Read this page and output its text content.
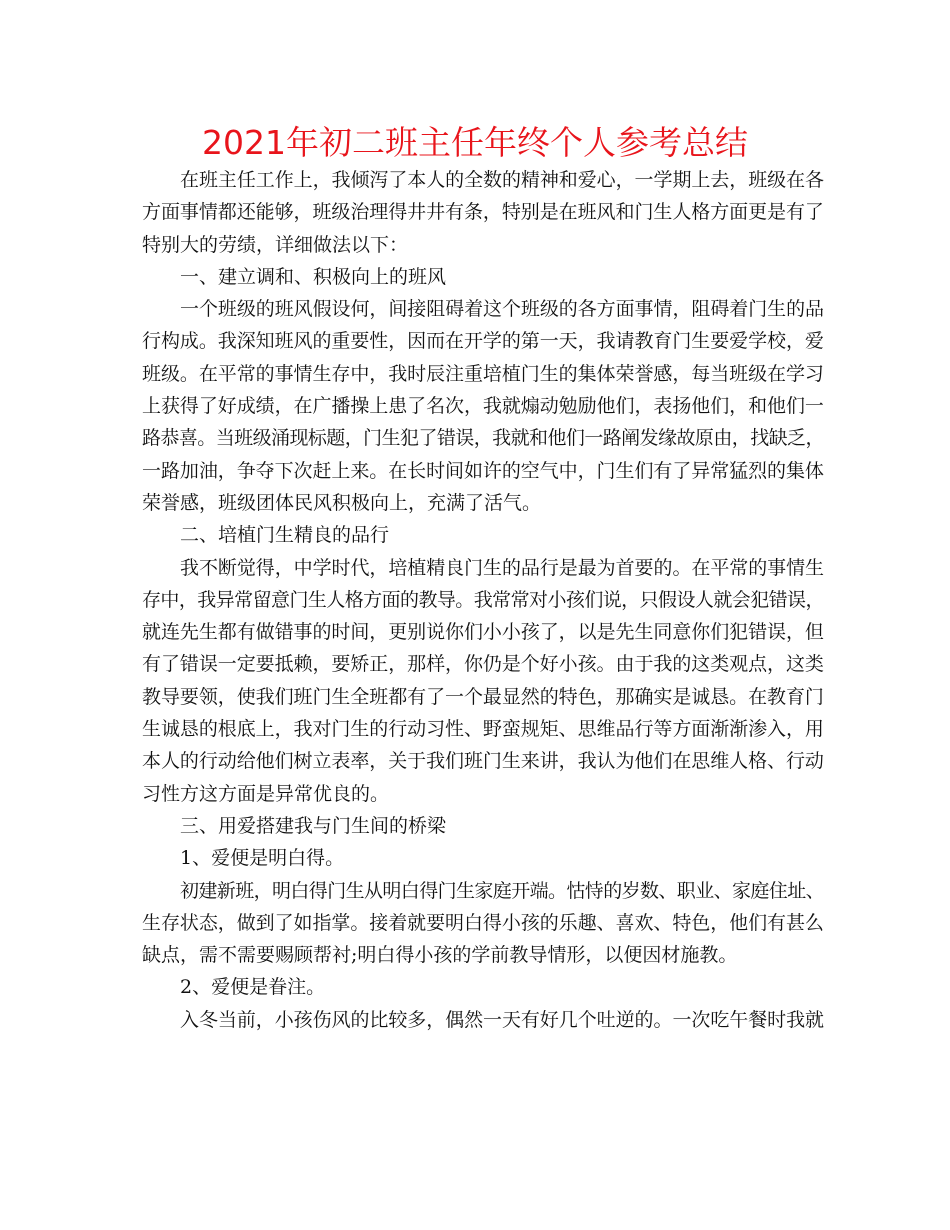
2021年初二班主任年终个人参考总结
在班主任工作上，我倾泻了本人的全数的精神和爱心，一学期上去，班级在各
方面事情都还能够，班级治理得井井有条，特别是在班风和门生人格方面更是有了
特别大的劳绩，详细做法以下：
一、建立调和、积极向上的班风
一个班级的班风假设何，间接阻碍着这个班级的各方面事情，阻碍着门生的品
行构成。我深知班风的重要性，因而在开学的第一天，我请教育门生要爱学校，爱
班级。在平常的事情生存中，我时辰注重培植门生的集体荣誉感，每当班级在学习
上获得了好成绩，在广播操上患了名次，我就煽动勉励他们，表扬他们，和他们一
路恭喜。当班级涌现标题，门生犯了错误，我就和他们一路阐发缘故原由，找缺乏，
一路加油，争夺下次赶上来。在长时间如许的空气中，门生们有了异常猛烈的集体
荣誉感，班级团体民风积极向上，充满了活气。
二、培植门生精良的品行
我不断觉得，中学时代，培植精良门生的品行是最为首要的。在平常的事情生
存中，我异常留意门生人格方面的教导。我常常对小孩们说，只假设人就会犯错误，
就连先生都有做错事的时间，更别说你们小小孩了，以是先生同意你们犯错误，但
有了错误一定要抵赖，要矫正，那样，你仍是个好小孩。由于我的这类观点，这类
教导要领，使我们班门生全班都有了一个最显然的特色，那确实是诚恳。在教育门
生诚恳的根底上，我对门生的行动习性、野蛮规矩、思维品行等方面渐渐渗入，用
本人的行动给他们树立表率，关于我们班门生来讲，我认为他们在思维人格、行动
习性方这方面是异常优良的。
三、用爱搭建我与门生间的桥梁
1、爱便是明白得。
初建新班，明白得门生从明白得门生家庭开端。怙恃的岁数、职业、家庭住址、
生存状态，做到了如指掌。接着就要明白得小孩的乐趣、喜欢、特色，他们有甚么
缺点，需不需要赐顾帮衬;明白得小孩的学前教导情形，以便因材施教。
2、爱便是眷注。
入冬当前，小孩伤风的比较多，偶然一天有好几个吐逆的。一次吃午餐时我就
